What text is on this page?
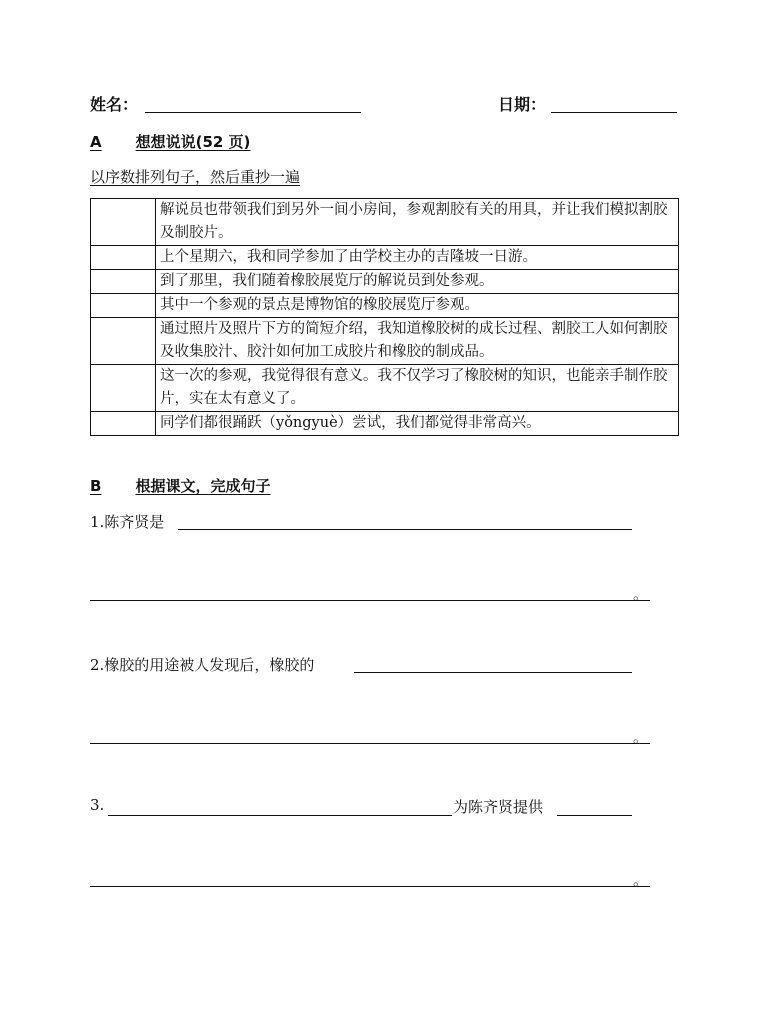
姓名：	日期：
A 想想说说(52 页)
以序数排列句子，然后重抄一遍
	解说员也带领我们到另外一间小房间，参观割胶有关的用具，并让我们模拟割胶及制胶片。
	上个星期六，我和同学参加了由学校主办的吉隆坡一日游。
	到了那里，我们随着橡胶展览厅的解说员到处参观。
	其中一个参观的景点是博物馆的橡胶展览厅参观。
	通过照片及照片下方的简短介绍，我知道橡胶树的成长过程、割胶工人如何割胶及收集胶汁、胶汁如何加工成胶片和橡胶的制成品。
	这一次的参观，我觉得很有意义。我不仅学习了橡胶树的知识，也能亲手制作胶片，实在太有意义了。
	同学们都很踊跃（yǒngyuè）尝试，我们都觉得非常高兴。
B 根据课文，完成句子
1.陈齐贤是
。
2.橡胶的用途被人发现后，橡胶的
。
3.	为陈齐贤提供
。
